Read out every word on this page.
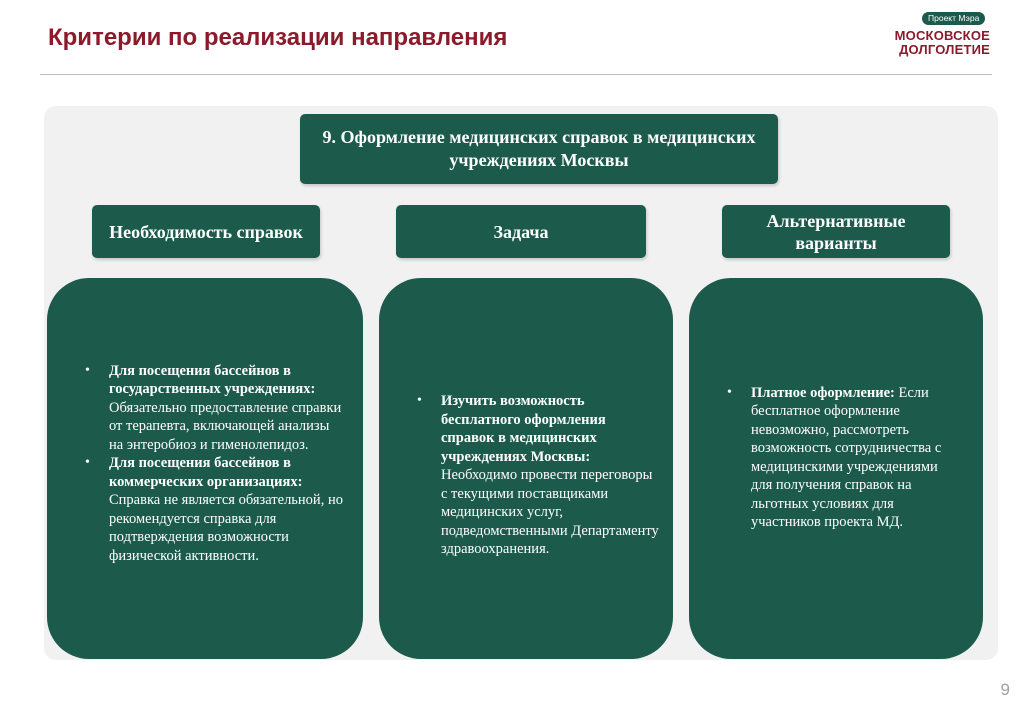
Критерии по реализации направления
Проект Мэра
МОСКОВСКОЕ
ДОЛГОЛЕТИЕ
9. Оформление медицинских справок в медицинских учреждениях Москвы
Необходимость справок	Задача
Альтернативные варианты
• Для посещения бассейнов в государственных учреждениях: Обязательно предоставление справки от терапевта, включающей анализы на энтеробиоз и гименолепидоз.
• Для посещения бассейнов в коммерческих организациях: Справка не является обязательной, но рекомендуется справка для подтверждения возможности физической активности.
• Изучить возможность бесплатного оформления справок в медицинских учреждениях Москвы: Необходимо провести переговоры с текущими поставщиками медицинских услуг, подведомственными Департаменту здравоохранения.
• Платное оформление: Если бесплатное оформление невозможно, рассмотреть возможность сотрудничества с медицинскими учреждениями для получения справок на льготных условиях для участников проекта МД.
9
